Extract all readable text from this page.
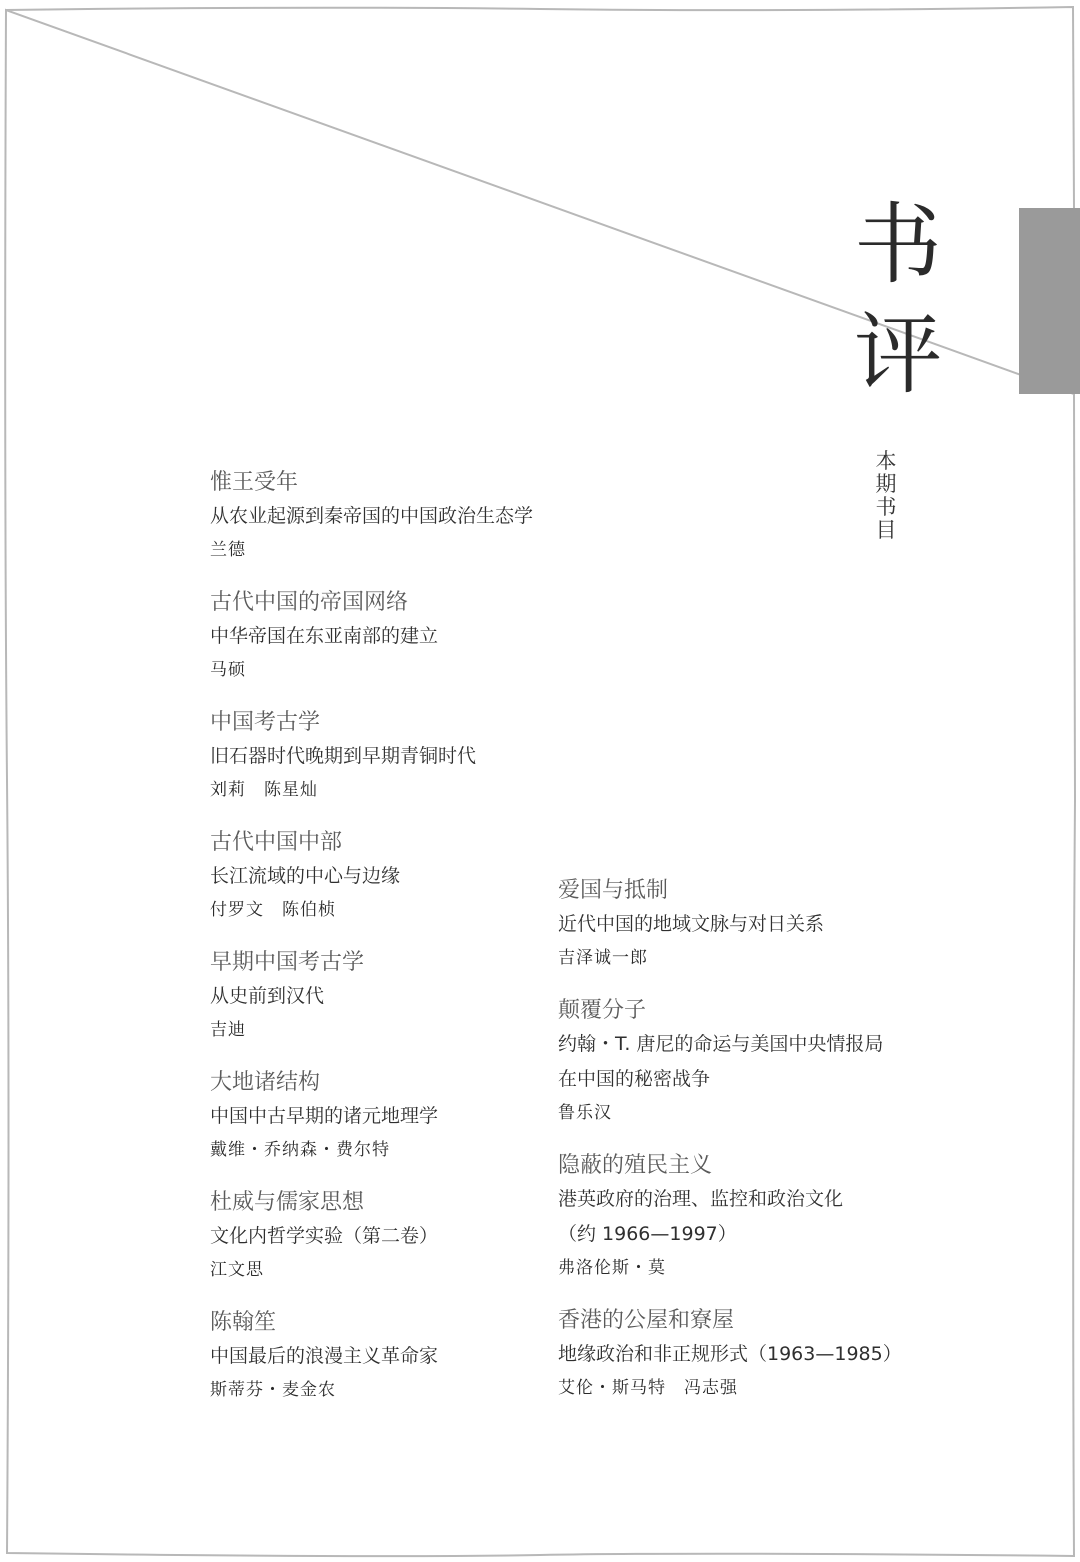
书
评
本
期
书
目
惟王受年
从农业起源到秦帝国的中国政治生态学
兰德
古代中国的帝国网络
中华帝国在东亚南部的建立
马硕
中国考古学
旧石器时代晚期到早期青铜时代
刘莉　陈星灿
古代中国中部
长江流域的中心与边缘
付罗文　陈伯桢
早期中国考古学
从史前到汉代
吉迪
大地诸结构
中国中古早期的诸元地理学
戴维・乔纳森・费尔特
杜威与儒家思想
文化内哲学实验（第二卷）
江文思
陈翰笙
中国最后的浪漫主义革命家
斯蒂芬・麦金农
爱国与抵制
近代中国的地域文脉与对日关系
吉泽诚一郎
颠覆分子
约翰・T. 唐尼的命运与美国中央情报局
在中国的秘密战争
鲁乐汉
隐蔽的殖民主义
港英政府的治理、监控和政治文化
（约 1966—1997）
弗洛伦斯・莫
香港的公屋和寮屋
地缘政治和非正规形式（1963—1985）
艾伦・斯马特　冯志强
